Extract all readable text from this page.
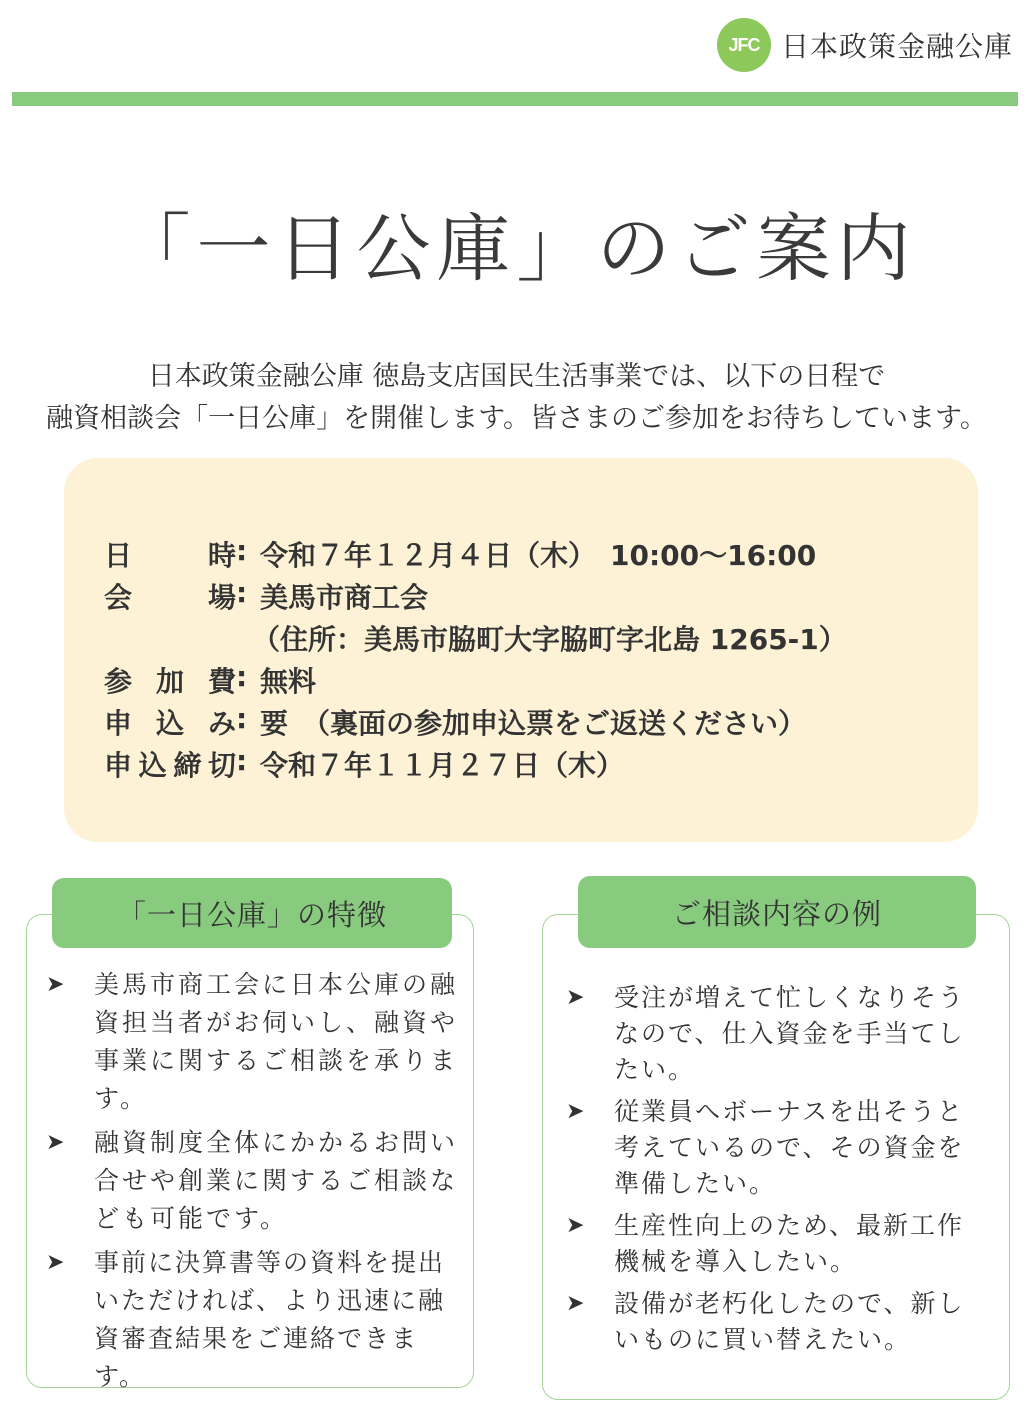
JFC 日本政策金融公庫
「一日公庫」のご案内
日本政策金融公庫 徳島支店国民生活事業では、以下の日程で
融資相談会「一日公庫」を開催します。皆さまのご参加をお待ちしています。
日　時 : 令和７年１２月４日（木）　10:00～16:00
会　場 : 美馬市商工会
（住所：美馬市脇町大字脇町字北島 1265-1）
参加費 : 無料
申込み : 要　（裏面の参加申込票をご返送ください）
申込締切 : 令和７年１１月２７日（木）
「一日公庫」の特徴
➤ 美馬市商工会に日本公庫の融資担当者がお伺いし、融資や事業に関するご相談を承ります。
➤ 融資制度全体にかかるお問い合せや創業に関するご相談なども可能です。
➤ 事前に決算書等の資料を提出いただければ、より迅速に融資審査結果をご連絡できます。
ご相談内容の例
➤ 受注が増えて忙しくなりそうなので、仕入資金を手当てしたい。
➤ 従業員へボーナスを出そうと考えているので、その資金を準備したい。
➤ 生産性向上のため、最新工作機械を導入したい。
➤ 設備が老朽化したので、新しいものに買い替えたい。
